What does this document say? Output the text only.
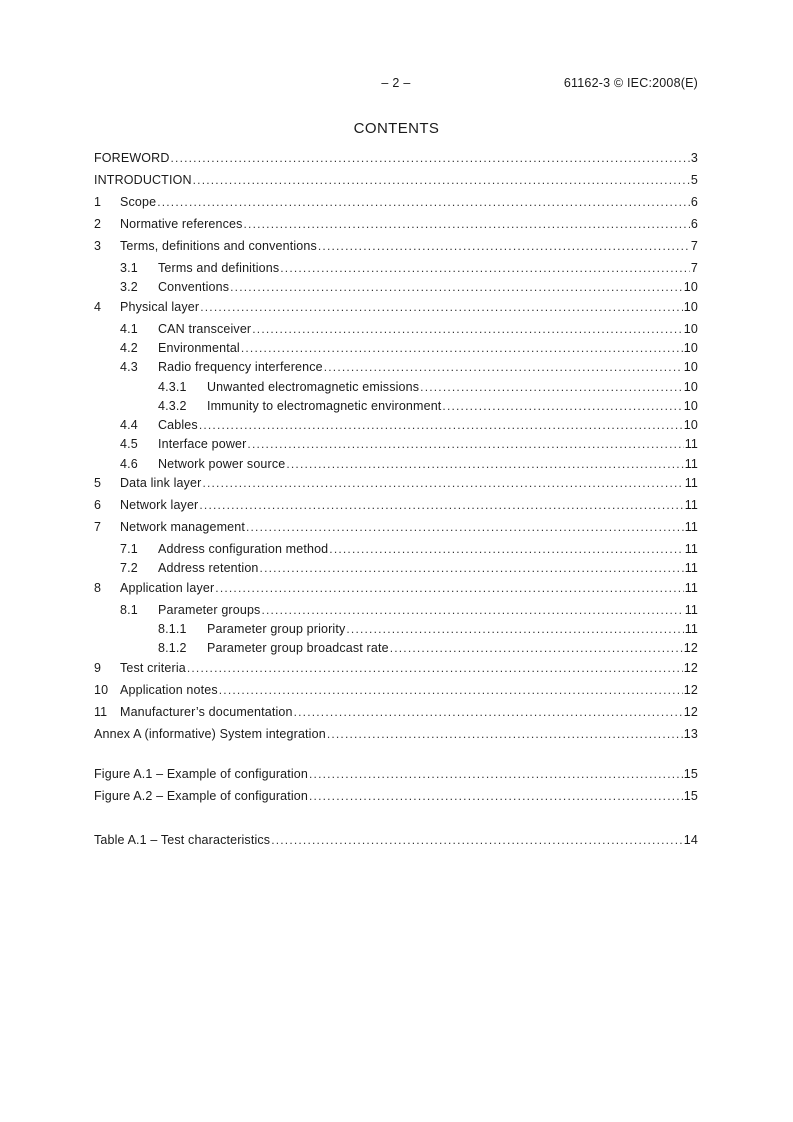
– 2 –	61162-3 © IEC:2008(E)
CONTENTS
FOREWORD .....	3
INTRODUCTION .....	5
1 Scope .....	6
2 Normative references .....	6
3 Terms, definitions and conventions .....	7
3.1 Terms and definitions .....	7
3.2 Conventions .....	10
4 Physical layer .....	10
4.1 CAN transceiver .....	10
4.2 Environmental .....	10
4.3 Radio frequency interference .....	10
4.3.1 Unwanted electromagnetic emissions .....	10
4.3.2 Immunity to electromagnetic environment .....	10
4.4 Cables .....	10
4.5 Interface power .....	11
4.6 Network power source .....	11
5 Data link layer .....	11
6 Network layer .....	11
7 Network management .....	11
7.1 Address configuration method .....	11
7.2 Address retention .....	11
8 Application layer .....	11
8.1 Parameter groups .....	11
8.1.1 Parameter group priority .....	11
8.1.2 Parameter group broadcast rate .....	12
9 Test criteria .....	12
10 Application notes .....	12
11 Manufacturer’s documentation .....	12
Annex A (informative) System integration .....	13
Figure A.1 – Example of configuration .....	15
Figure A.2 – Example of configuration .....	15
Table A.1 – Test characteristics .....	14
